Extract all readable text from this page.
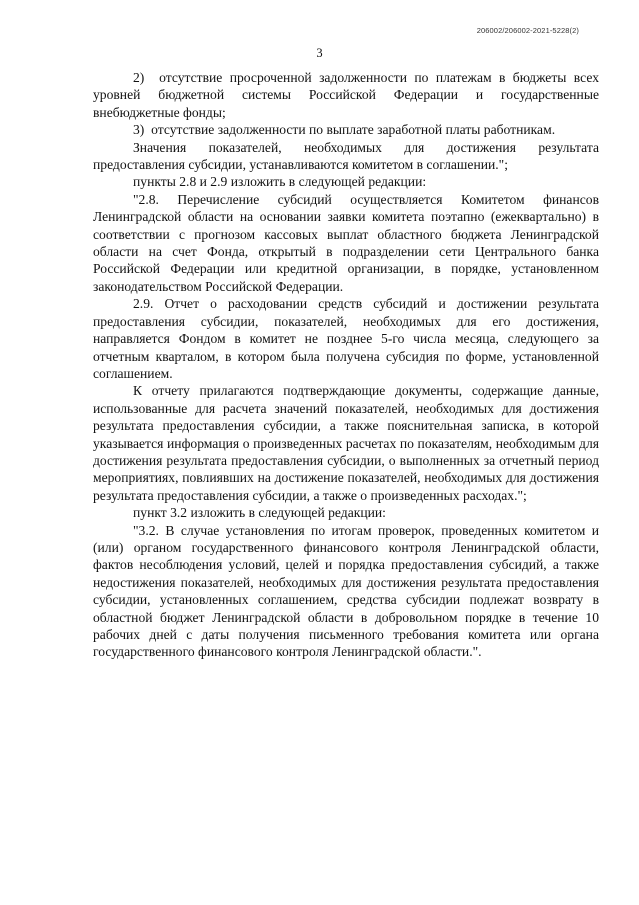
206002/206002-2021-5228(2)
3

2)  отсутствие просроченной задолженности по платежам в бюджеты всех уровней бюджетной системы Российской Федерации и государственные внебюджетные фонды;

3)  отсутствие задолженности по выплате заработной платы работникам.

Значения показателей, необходимых для достижения результата предоставления субсидии, устанавливаются комитетом в соглашении.";

пункты 2.8 и 2.9 изложить в следующей редакции:

"2.8. Перечисление субсидий осуществляется Комитетом финансов Ленинградской области на основании заявки комитета поэтапно (ежеквартально) в соответствии с прогнозом кассовых выплат областного бюджета Ленинградской области на счет Фонда, открытый в подразделении сети Центрального банка Российской Федерации или кредитной организации, в порядке, установленном законодательством Российской Федерации.

2.9. Отчет о расходовании средств субсидий и достижении результата предоставления субсидии, показателей, необходимых для его достижения, направляется Фондом в комитет не позднее 5-го числа месяца, следующего за отчетным кварталом, в котором была получена субсидия по форме, установленной соглашением.

К отчету прилагаются подтверждающие документы, содержащие данные, использованные для расчета значений показателей, необходимых для достижения результата предоставления субсидии, а также пояснительная записка, в которой указывается информация о произведенных расчетах по показателям, необходимым для достижения результата предоставления субсидии, о выполненных за отчетный период мероприятиях, повлиявших на достижение показателей, необходимых для достижения результата предоставления субсидии, а также о произведенных расходах.";

пункт 3.2 изложить в следующей редакции:

"3.2. В случае установления по итогам проверок, проведенных комитетом и (или) органом государственного финансового контроля Ленинградской области, фактов несоблюдения условий, целей и порядка предоставления субсидий, а также недостижения показателей, необходимых для достижения результата предоставления субсидии, установленных соглашением, средства субсидии подлежат возврату в областной бюджет Ленинградской области в добровольном порядке в течение 10 рабочих дней с даты получения письменного требования комитета или органа государственного финансового контроля Ленинградской области.".
